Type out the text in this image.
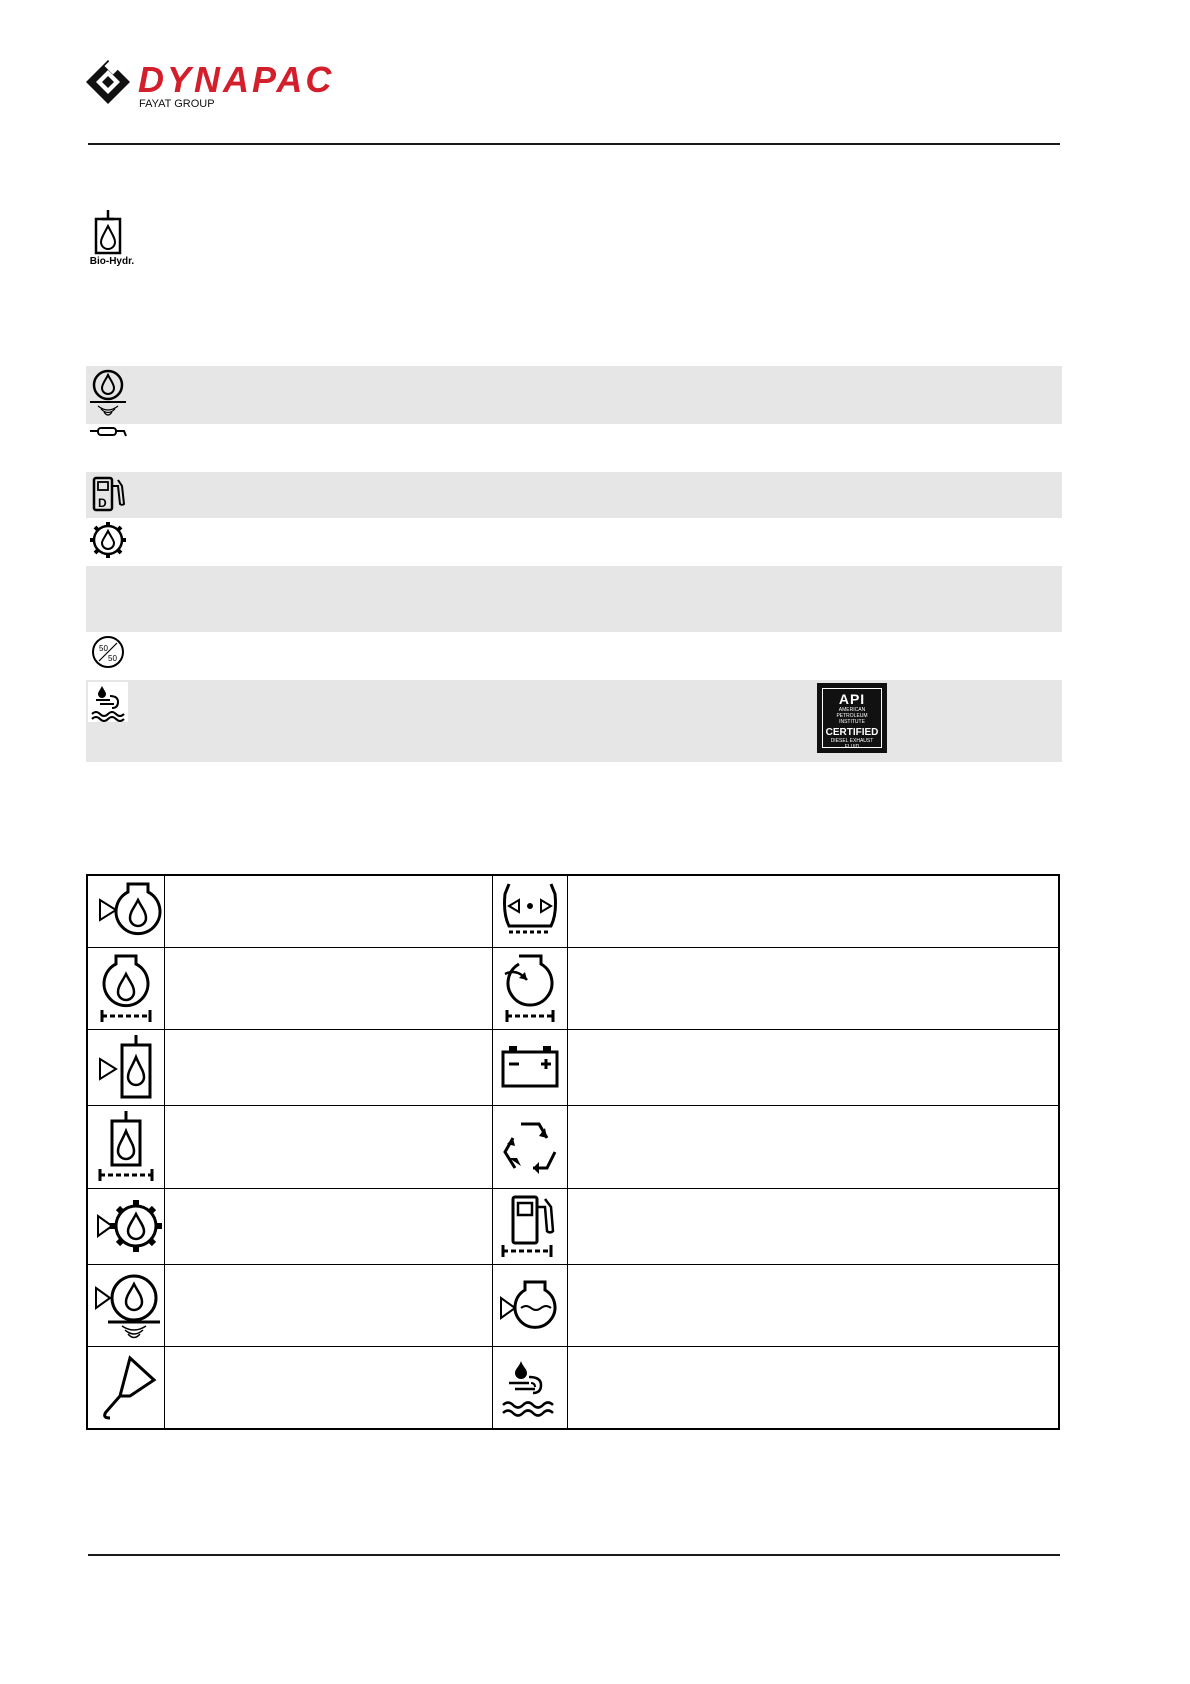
DYNAPAC
FAYAT GROUP
Bio-Hydr.
D
50
50
API
AMERICAN
PETROLEUM INSTITUTE
CERTIFIED
DIESEL EXHAUST
FLUID
